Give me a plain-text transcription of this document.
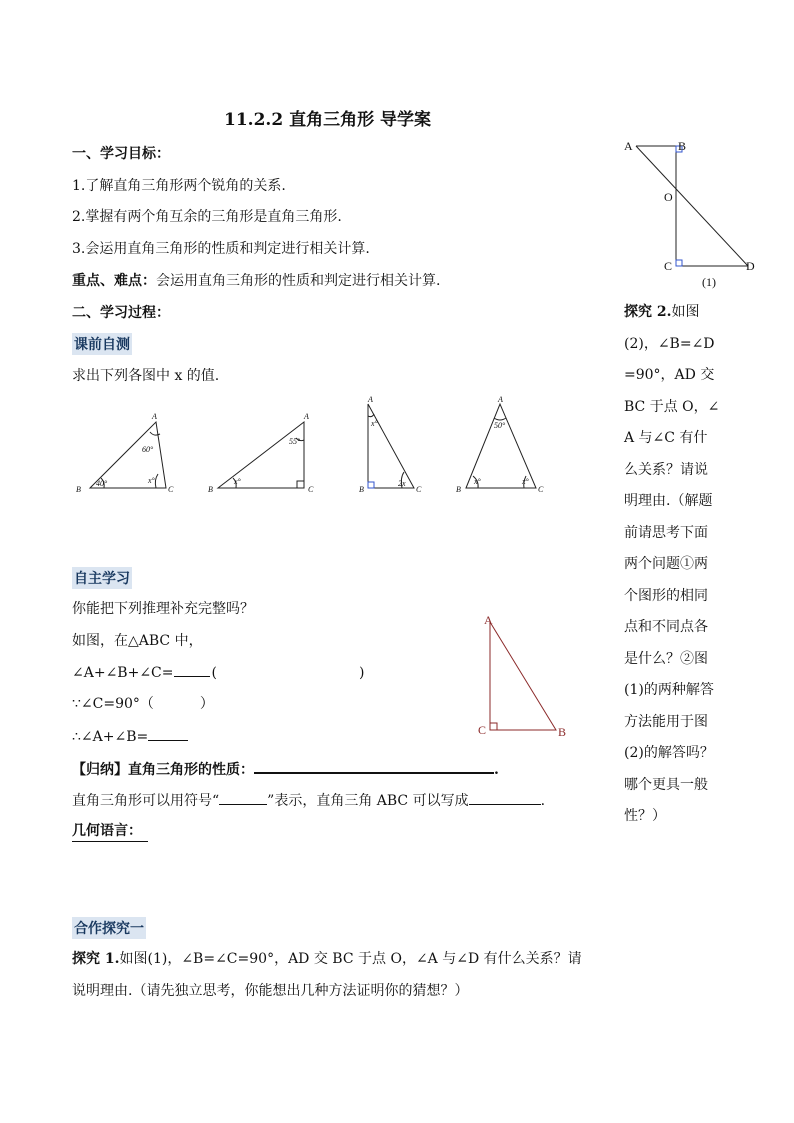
11.2.2 直角三角形 导学案
一、学习目标：
1.了解直角三角形两个锐角的关系.
2.掌握有两个角互余的三角形是直角三角形.
3.会运用直角三角形的性质和判定进行相关计算.
重点、难点：会运用直角三角形的性质和判定进行相关计算.
二、学习过程：
课前自测
求出下列各图中 x 的值.
A
B	C
60°
40°	x°
A
B	C
55°
x°
A
B	C
x°
2x
A
B	C
50°
x°	x°
自主学习
你能把下列推理补充完整吗？
如图，在△ABC 中，
∠A+∠B+∠C=	(	)
∵∠C=90°（	）
∴∠A+∠B=
A
B
C
【归纳】直角三角形的性质：	.
直角三角形可以用符号“	”表示，直角三角 ABC 可以写成	.
几何语言：
合作探究一
探究 1.如图(1)，∠B=∠C=90°，AD 交 BC 于点 O，∠A 与∠D 有什么关系？请
说明理由.（请先独立思考，你能想出几种方法证明你的猜想？）
A	B
O
C	D
(1)
探究 2.如图(2)，∠B=∠D=90°，AD 交 BC 于点 O，∠A 与∠C 有什么关系？请说明理由.（解题前请思考下面两个问题①两个图形的相同点和不同点各是什么？②图(1)的两种解答方法能用于图(2)的解答吗？哪个更具一般性？）
